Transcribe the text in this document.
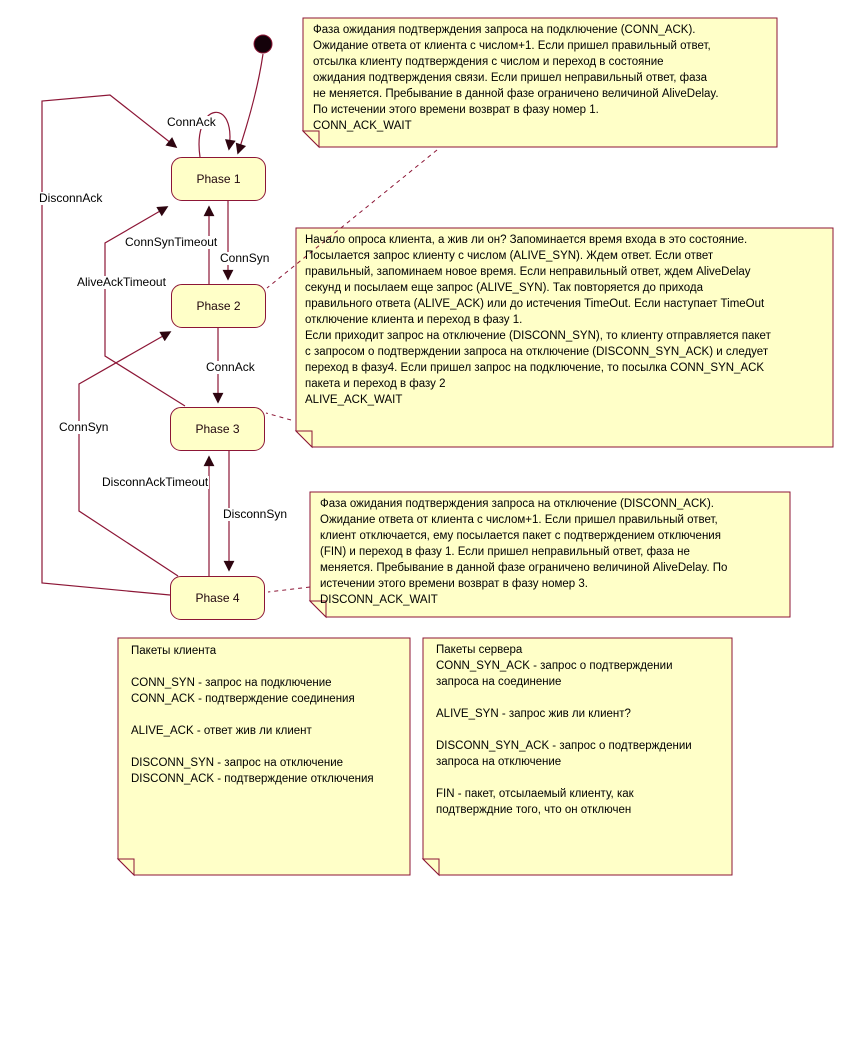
Phase 1
Phase 2
Phase 3
Phase 4
ConnAck
DisconnAck
ConnSynTimeout
ConnSyn
AliveAckTimeout
ConnAck
ConnSyn
DisconnAckTimeout
DisconnSyn
Фаза ожидания подтверждения запроса на подключение (CONN_ACK).
Ожидание ответа от клиента с числом+1. Если пришел правильный ответ,
отсылка клиенту подтверждения с числом и переход в состояние
ожидания подтверждения связи. Если пришел неправильный ответ, фаза
не меняется. Пребывание в данной фазе ограничено величиной AliveDelay.
По истечении этого времени возврат в фазу номер 1.
CONN_ACK_WAIT
Начало опроса клиента, а жив ли он? Запоминается время входа в это состояние.
Посылается запрос клиенту с числом (ALIVE_SYN). Ждем ответ. Если ответ
правильный, запоминаем новое время. Если неправильный ответ, ждем AliveDelay
секунд и посылаем еще запрос (ALIVE_SYN). Так повторяется до прихода
правильного ответа (ALIVE_ACK) или до истечения TimeOut. Если наступает TimeOut
отключение клиента и переход в фазу 1.
Если приходит запрос на отключение (DISCONN_SYN), то клиенту отправляется пакет
с запросом о подтверждении запроса на отключение (DISCONN_SYN_ACK) и следует
переход в фазу4. Если пришел запрос на подключение, то посылка CONN_SYN_ACK
пакета и переход в фазу 2
ALIVE_ACK_WAIT
Фаза ожидания подтверждения запроса на отключение (DISCONN_ACK).
Ожидание ответа от клиента с числом+1. Если пришел правильный ответ,
клиент отключается, ему посылается пакет с подтверждением отключения
(FIN) и переход в фазу 1. Если пришел неправильный ответ, фаза не
меняется. Пребывание в данной фазе ограничено величиной AliveDelay. По
истечении этого времени возврат в фазу номер 3.
DISCONN_ACK_WAIT
Пакеты клиента

CONN_SYN - запрос на подключение
CONN_ACK - подтверждение соединения

ALIVE_ACK - ответ жив ли клиент

DISCONN_SYN - запрос на отключение
DISCONN_ACK - подтверждение отключения
Пакеты сервера
CONN_SYN_ACK - запрос о подтверждении
запроса на соединение

ALIVE_SYN - запрос жив ли клиент?

DISCONN_SYN_ACK - запрос о подтверждении
запроса на отключение

FIN - пакет, отсылаемый клиенту, как
подтверждние того, что он отключен
